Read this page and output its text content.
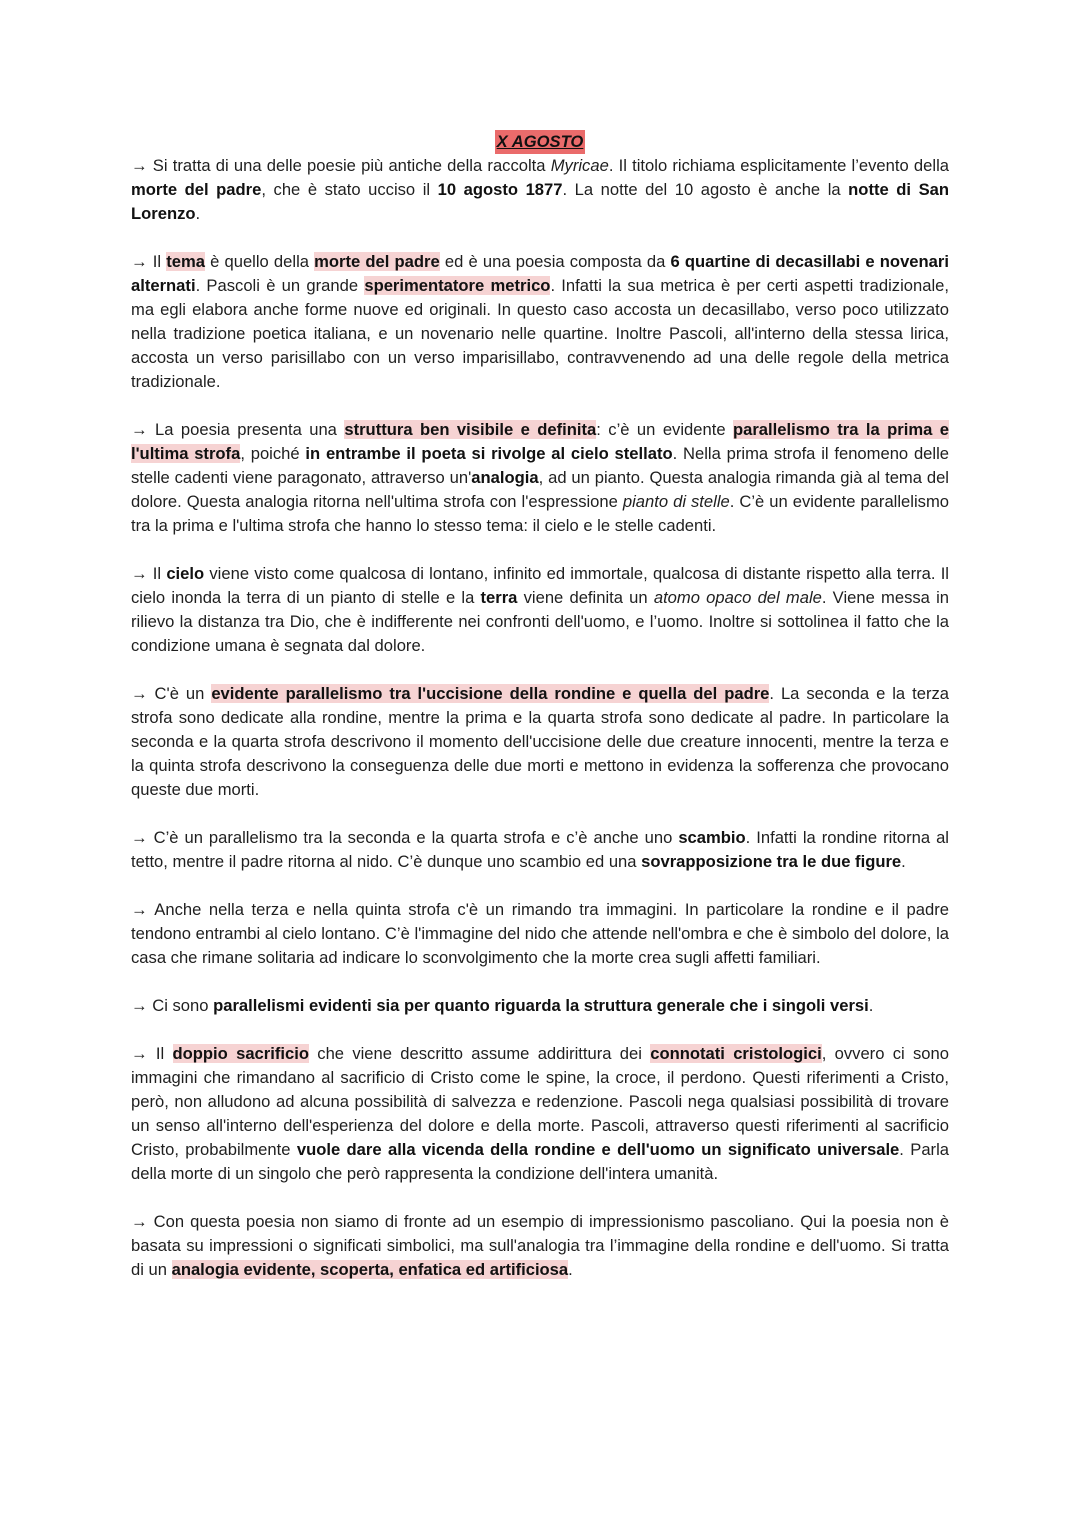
X AGOSTO

→ Si tratta di una delle poesie più antiche della raccolta Myricae. Il titolo richiama esplicitamente l’evento della morte del padre, che è stato ucciso il 10 agosto 1877. La notte del 10 agosto è anche la notte di San Lorenzo.

→ Il tema è quello della morte del padre ed è una poesia composta da 6 quartine di decasillabi e novenari alternati. Pascoli è un grande sperimentatore metrico. Infatti la sua metrica è per certi aspetti tradizionale, ma egli elabora anche forme nuove ed originali. In questo caso accosta un decasillabo, verso poco utilizzato nella tradizione poetica italiana, e un novenario nelle quartine. Inoltre Pascoli, all'interno della stessa lirica, accosta un verso parisillabo con un verso imparisillabo, contravvenendo ad una delle regole della metrica tradizionale.

→ La poesia presenta una struttura ben visibile e definita: c’è un evidente parallelismo tra la prima e l'ultima strofa, poiché in entrambe il poeta si rivolge al cielo stellato. Nella prima strofa il fenomeno delle stelle cadenti viene paragonato, attraverso un'analogia, ad un pianto. Questa analogia rimanda già al tema del dolore. Questa analogia ritorna nell'ultima strofa con l'espressione pianto di stelle. C’è un evidente parallelismo tra la prima e l'ultima strofa che hanno lo stesso tema: il cielo e le stelle cadenti.

→ Il cielo viene visto come qualcosa di lontano, infinito ed immortale, qualcosa di distante rispetto alla terra. Il cielo inonda la terra di un pianto di stelle e la terra viene definita un atomo opaco del male. Viene messa in rilievo la distanza tra Dio, che è indifferente nei confronti dell'uomo, e l’uomo. Inoltre si sottolinea il fatto che la condizione umana è segnata dal dolore.

→ C'è un evidente parallelismo tra l'uccisione della rondine e quella del padre. La seconda e la terza strofa sono dedicate alla rondine, mentre la prima e la quarta strofa sono dedicate al padre. In particolare la seconda e la quarta strofa descrivono il momento dell'uccisione delle due creature innocenti, mentre la terza e la quinta strofa descrivono la conseguenza delle due morti e mettono in evidenza la sofferenza che provocano queste due morti.

→ C’è un parallelismo tra la seconda e la quarta strofa e c’è anche uno scambio. Infatti la rondine ritorna al tetto, mentre il padre ritorna al nido. C’è dunque uno scambio ed una sovrapposizione tra le due figure.

→ Anche nella terza e nella quinta strofa c'è un rimando tra immagini. In particolare la rondine e il padre tendono entrambi al cielo lontano. C’è l'immagine del nido che attende nell'ombra e che è simbolo del dolore, la casa che rimane solitaria ad indicare lo sconvolgimento che la morte crea sugli affetti familiari.

→ Ci sono parallelismi evidenti sia per quanto riguarda la struttura generale che i singoli versi.

→ Il doppio sacrificio che viene descritto assume addirittura dei connotati cristologici, ovvero ci sono immagini che rimandano al sacrificio di Cristo come le spine, la croce, il perdono. Questi riferimenti a Cristo, però, non alludono ad alcuna possibilità di salvezza e redenzione. Pascoli nega qualsiasi possibilità di trovare un senso all'interno dell'esperienza del dolore e della morte. Pascoli, attraverso questi riferimenti al sacrificio Cristo, probabilmente vuole dare alla vicenda della rondine e dell'uomo un significato universale. Parla della morte di un singolo che però rappresenta la condizione dell'intera umanità.

→ Con questa poesia non siamo di fronte ad un esempio di impressionismo pascoliano. Qui la poesia non è basata su impressioni o significati simbolici, ma sull'analogia tra l’immagine della rondine e dell'uomo. Si tratta di un analogia evidente, scoperta, enfatica ed artificiosa.
